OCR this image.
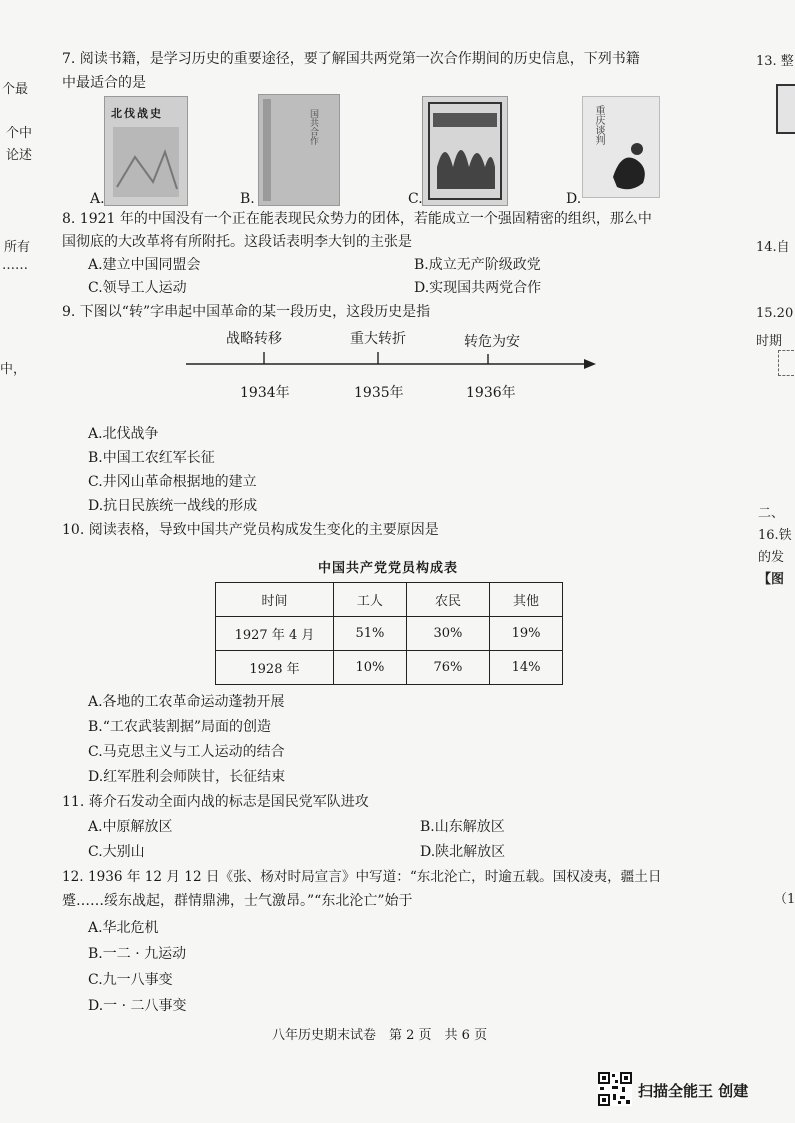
个最
个中
论述
所有
……
中，
13. 整
14.自
15.20
时期
二、
16.铁
的发
【图
（1
7. 阅读书籍，是学习历史的重要途径，要了解国共两党第一次合作期间的历史信息，下列书籍
中最适合的是
北伐战史
A.
国共合作
B.	C.
重庆谈判
D.
8. 1921 年的中国没有一个正在能表现民众势力的团体，若能成立一个强固精密的组织，那么中
国彻底的大改革将有所附托。这段话表明李大钊的主张是
A.建立中国同盟会	B.成立无产阶级政党
C.领导工人运动	D.实现国共两党合作
9. 下图以“转”字串起中国革命的某一段历史，这段历史是指
战略转移	重大转折	转危为安
1934年	1935年	1936年
A.北伐战争
B.中国工农红军长征
C.井冈山革命根据地的建立
D.抗日民族统一战线的形成
10. 阅读表格，导致中国共产党员构成发生变化的主要原因是
中国共产党党员构成表
时间	工人	农民	其他
1927 年 4 月	51%	30%	19%
1928 年	10%	76%	14%
A.各地的工农革命运动蓬勃开展
B.“工农武装割据”局面的创造
C.马克思主义与工人运动的结合
D.红军胜利会师陕甘，长征结束
11. 蒋介石发动全面内战的标志是国民党军队进攻
A.中原解放区	B.山东解放区
C.大别山	D.陕北解放区
12. 1936 年 12 月 12 日《张、杨对时局宣言》中写道：“东北沦亡，时逾五载。国权凌夷，疆土日
蹙……绥东战起，群情鼎沸，士气激昂。”“东北沦亡”始于
A.华北危机
B.一二 · 九运动
C.九一八事变
D.一 · 二八事变
八年历史期末试卷　第 2 页　共 6 页
扫描全能王 创建
